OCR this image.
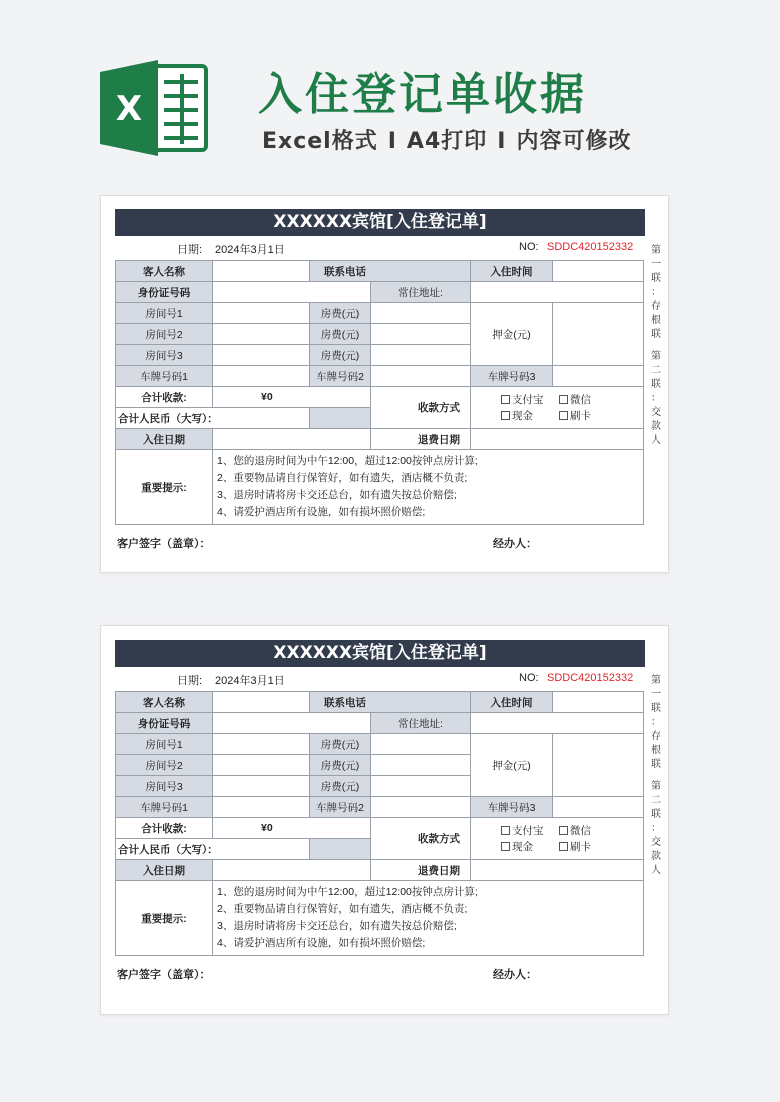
X	入住登记单收据
Excel格式 I A4打印 I 内容可修改
XXXXXX宾馆[入住登记单]
日期: 2024年3月1日	NO: SDDC420152332
客人名称		联系电话		入住时间	
身份证号码			常住地址:		
房间号1		房费(元)		押金(元)	
房间号2		房费(元)			
房间号3		房费(元)			
车牌号码1		车牌号码2		车牌号码3	
合计收款:	¥0		收款方式	支付宝 微信
现金 刷卡	

合计人民币（大写）：					
入住日期			退费日期		
重要提示:	1、您的退房时间为中午12:00，超过12:00按钟点房计算;
2、重要物品请自行保管好，如有遗失，酒店概不负责;
3、退房时请将房卡交还总台，如有遗失按总价赔偿;
4、请爱护酒店所有设施，如有损坏照价赔偿;				
客户签字（盖章）：	经办人：
第
一
联
：
存
根
联
第
二
联
：
交
款
人
XXXXXX宾馆[入住登记单]
日期: 2024年3月1日	NO: SDDC420152332
客人名称		联系电话		入住时间	
身份证号码			常住地址:		
房间号1		房费(元)		押金(元)	
房间号2		房费(元)			
房间号3		房费(元)			
车牌号码1		车牌号码2		车牌号码3	
合计收款:	¥0		收款方式	支付宝 微信
现金 刷卡	

合计人民币（大写）：					
入住日期			退费日期		
重要提示:	1、您的退房时间为中午12:00，超过12:00按钟点房计算;
2、重要物品请自行保管好，如有遗失，酒店概不负责;
3、退房时请将房卡交还总台，如有遗失按总价赔偿;
4、请爱护酒店所有设施，如有损坏照价赔偿;				
客户签字（盖章）：	经办人：
第
一
联
：
存
根
联
第
二
联
：
交
款
人
